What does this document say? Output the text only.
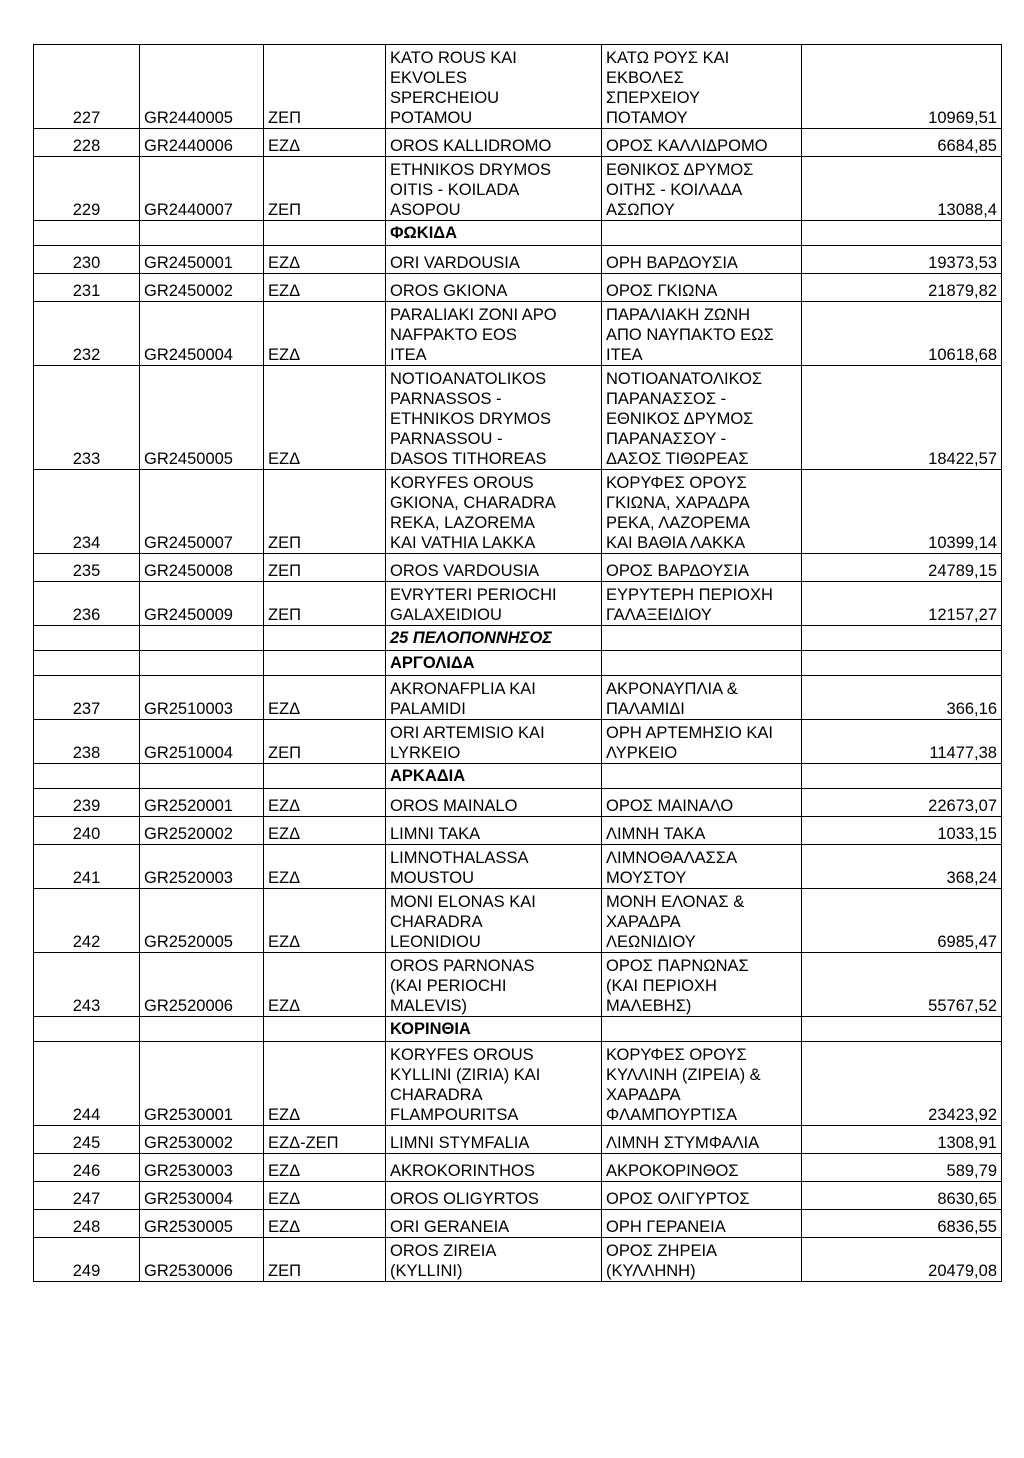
227	GR2440005	ΖΕΠ	KATO ROUS KAI
EKVOLES
SPERCHEIOU
POTAMOU	ΚΑΤΩ ΡΟΥΣ ΚΑΙ
ΕΚΒΟΛΕΣ
ΣΠΕΡΧΕΙΟΥ
ΠΟΤΑΜΟΥ	10969,51
228	GR2440006	ΕΖΔ	OROS KALLIDROMO	ΟΡΟΣ ΚΑΛΛΙΔΡΟΜΟ	6684,85
229	GR2440007	ΖΕΠ	ETHNIKOS DRYMOS
OITIS - KOILADA
ASOPOU	ΕΘΝΙΚΟΣ ΔΡΥΜΟΣ
ΟΙΤΗΣ - ΚΟΙΛΑΔΑ
ΑΣΩΠΟΥ	13088,4
			ΦΩΚΙΔΑ		
230	GR2450001	ΕΖΔ	ORI VARDOUSIA	ΟΡΗ ΒΑΡΔΟΥΣΙΑ	19373,53
231	GR2450002	ΕΖΔ	OROS GKIONA	ΟΡΟΣ ΓΚΙΩΝΑ	21879,82
232	GR2450004	ΕΖΔ	PARALIAKI ZONI APO
NAFPAKTO EOS
ITEA	ΠΑΡΑΛΙΑΚΗ ΖΩΝΗ
ΑΠΟ ΝΑΥΠΑΚΤΟ ΕΩΣ
ΙΤΕΑ	10618,68
233	GR2450005	ΕΖΔ	NOTIOANATOLIKOS
PARNASSOS -
ETHNIKOS DRYMOS
PARNASSOU -
DASOS TITHOREAS	ΝΟΤΙΟΑΝΑΤΟΛΙΚΟΣ
ΠΑΡΑΝΑΣΣΟΣ -
ΕΘΝΙΚΟΣ ΔΡΥΜΟΣ
ΠΑΡΑΝΑΣΣΟΥ -
ΔΑΣΟΣ ΤΙΘΩΡΕΑΣ	18422,57
234	GR2450007	ΖΕΠ	KORYFES OROUS
GKIONA, CHARADRA
REKA, LAZOREMA
KAI VATHIA LAKKA	ΚΟΡΥΦΕΣ ΟΡΟΥΣ
ΓΚΙΩΝΑ, ΧΑΡΑΔΡΑ
ΡΕΚΑ, ΛΑΖΟΡΕΜΑ
ΚΑΙ ΒΑΘΙΑ ΛΑΚΚΑ	10399,14
235	GR2450008	ΖΕΠ	OROS VARDOUSIA	ΟΡΟΣ ΒΑΡΔΟΥΣΙΑ	24789,15
236	GR2450009	ΖΕΠ	EVRYTERI PERIOCHI
GALAXEIDIOU	ΕΥΡΥΤΕΡΗ ΠΕΡΙΟΧΗ
ΓΑΛΑΞΕΙΔΙΟΥ	12157,27
			25 ΠΕΛΟΠΟΝΝΗΣΟΣ		
			ΑΡΓΟΛΙΔΑ		
237	GR2510003	ΕΖΔ	AKRONAFPLIA KAI
PALAMIDI	ΑΚΡΟΝΑΥΠΛΙΑ &
ΠΑΛΑΜΙΔΙ	366,16
238	GR2510004	ΖΕΠ	ORI ARTEMISIO KAI
LYRKEIO	ΟΡΗ ΑΡΤΕΜΗΣΙΟ ΚΑΙ
ΛΥΡΚΕΙΟ	11477,38
			ΑΡΚΑΔΙΑ		
239	GR2520001	ΕΖΔ	OROS MAINALO	ΟΡΟΣ ΜΑΙΝΑΛΟ	22673,07
240	GR2520002	ΕΖΔ	LIMNI TAKA	ΛΙΜΝΗ ΤΑΚΑ	1033,15
241	GR2520003	ΕΖΔ	LIMNOTHALASSA
MOUSTOU	ΛΙΜΝΟΘΑΛΑΣΣΑ
ΜΟΥΣΤΟΥ	368,24
242	GR2520005	ΕΖΔ	MONI ELONAS KAI
CHARADRA
LEONIDIOU	ΜΟΝΗ ΕΛΟΝΑΣ &
ΧΑΡΑΔΡΑ
ΛΕΩΝΙΔΙΟΥ	6985,47
243	GR2520006	ΕΖΔ	OROS PARNONAS
(KAI PERIOCHI
MALEVIS)	ΟΡΟΣ ΠΑΡΝΩΝΑΣ
(ΚΑΙ ΠΕΡΙΟΧΗ
ΜΑΛΕΒΗΣ)	55767,52
			ΚΟΡΙΝΘΙΑ		
244	GR2530001	ΕΖΔ	KORYFES OROUS
KYLLINI (ZIRIA) KAI
CHARADRA
FLAMPOURITSA	ΚΟΡΥΦΕΣ ΟΡΟΥΣ
ΚΥΛΛΙΝΗ (ΖΙΡΕΙΑ) &
ΧΑΡΑΔΡΑ
ΦΛΑΜΠΟΥΡΤΙΣΑ	23423,92
245	GR2530002	ΕΖΔ-ΖΕΠ	LIMNI STYMFALIA	ΛΙΜΝΗ ΣΤΥΜΦΑΛΙΑ	1308,91
246	GR2530003	ΕΖΔ	AKROKORINTHOS	ΑΚΡΟΚΟΡΙΝΘΟΣ	589,79
247	GR2530004	ΕΖΔ	OROS OLIGYRTOS	ΟΡΟΣ ΟΛΙΓΥΡΤΟΣ	8630,65
248	GR2530005	ΕΖΔ	ORI GERANEIA	ΟΡΗ ΓΕΡΑΝΕΙΑ	6836,55
249	GR2530006	ΖΕΠ	OROS ZIREIA
(KYLLINI)	ΟΡΟΣ ΖΗΡΕΙΑ
(ΚΥΛΛΗΝΗ)	20479,08
